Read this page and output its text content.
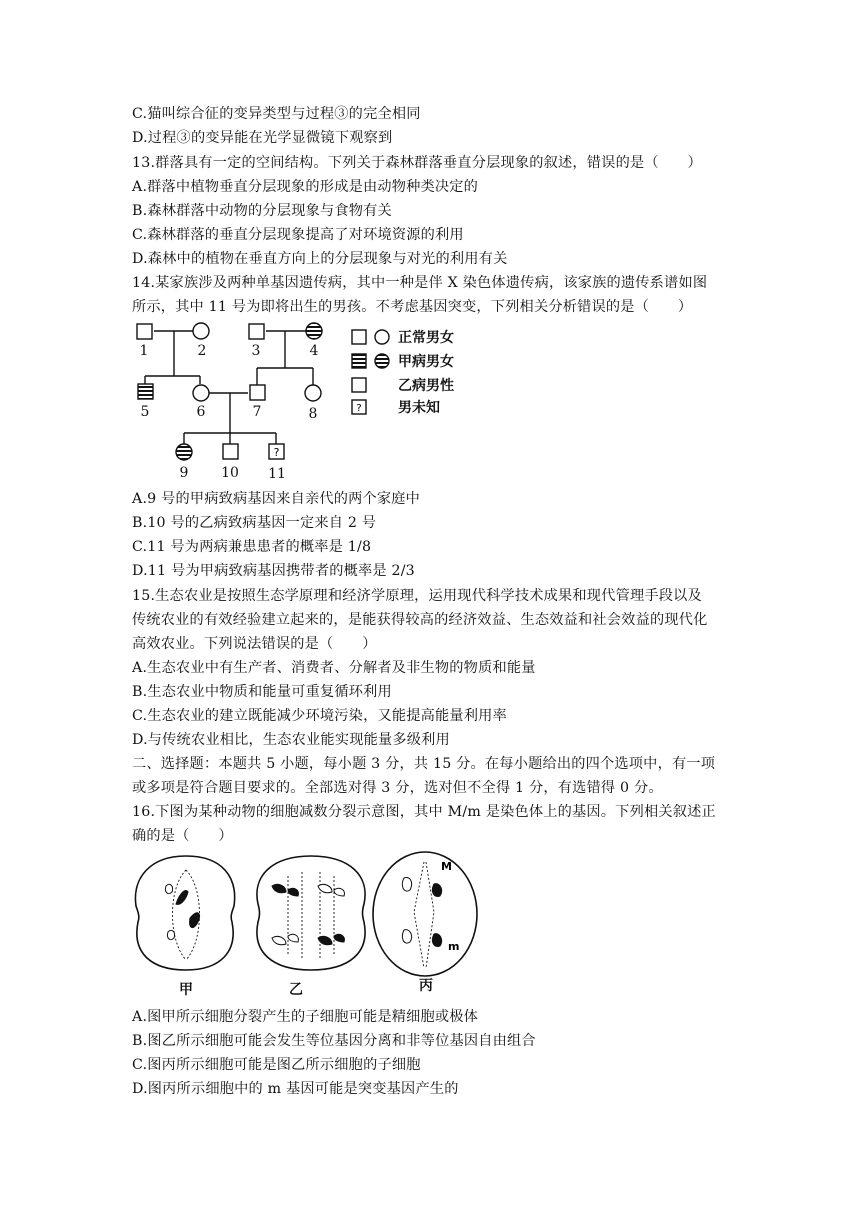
C.猫叫综合征的变异类型与过程③的完全相同
D.过程③的变异能在光学显微镜下观察到
13.群落具有一定的空间结构。下列关于森林群落垂直分层现象的叙述，错误的是（　　）
A.群落中植物垂直分层现象的形成是由动物种类决定的
B.森林群落中动物的分层现象与食物有关
C.森林群落的垂直分层现象提高了对环境资源的利用
D.森林中的植物在垂直方向上的分层现象与对光的利用有关
14.某家族涉及两种单基因遗传病，其中一种是伴 X 染色体遗传病，该家族的遗传系谱如图
所示，其中 11 号为即将出生的男孩。不考虑基因突变，下列相关分析错误的是（　　）
?
1	2	3	4
5	6	7	8
9 10 11
?
正常男女
甲病男女
乙病男性
男未知
A.9 号的甲病致病基因来自亲代的两个家庭中
B.10 号的乙病致病基因一定来自 2 号
C.11 号为两病兼患患者的概率是 1/8
D.11 号为甲病致病基因携带者的概率是 2/3
15.生态农业是按照生态学原理和经济学原理，运用现代科学技术成果和现代管理手段以及
传统农业的有效经验建立起来的，是能获得较高的经济效益、生态效益和社会效益的现代化
高效农业。下列说法错误的是（　　）
A.生态农业中有生产者、消费者、分解者及非生物的物质和能量
B.生态农业中物质和能量可重复循环利用
C.生态农业的建立既能减少环境污染，又能提高能量利用率
D.与传统农业相比，生态农业能实现能量多级利用
二、选择题：本题共 5 小题，每小题 3 分，共 15 分。在每小题给出的四个选项中，有一项
或多项是符合题目要求的。全部选对得 3 分，选对但不全得 1 分，有选错得 0 分。
16.下图为某种动物的细胞减数分裂示意图，其中 M/m 是染色体上的基因。下列相关叙述正
确的是（　　）
M
m
甲	乙	丙
A.图甲所示细胞分裂产生的子细胞可能是精细胞或极体
B.图乙所示细胞可能会发生等位基因分离和非等位基因自由组合
C.图丙所示细胞可能是图乙所示细胞的子细胞
D.图丙所示细胞中的 m 基因可能是突变基因产生的
